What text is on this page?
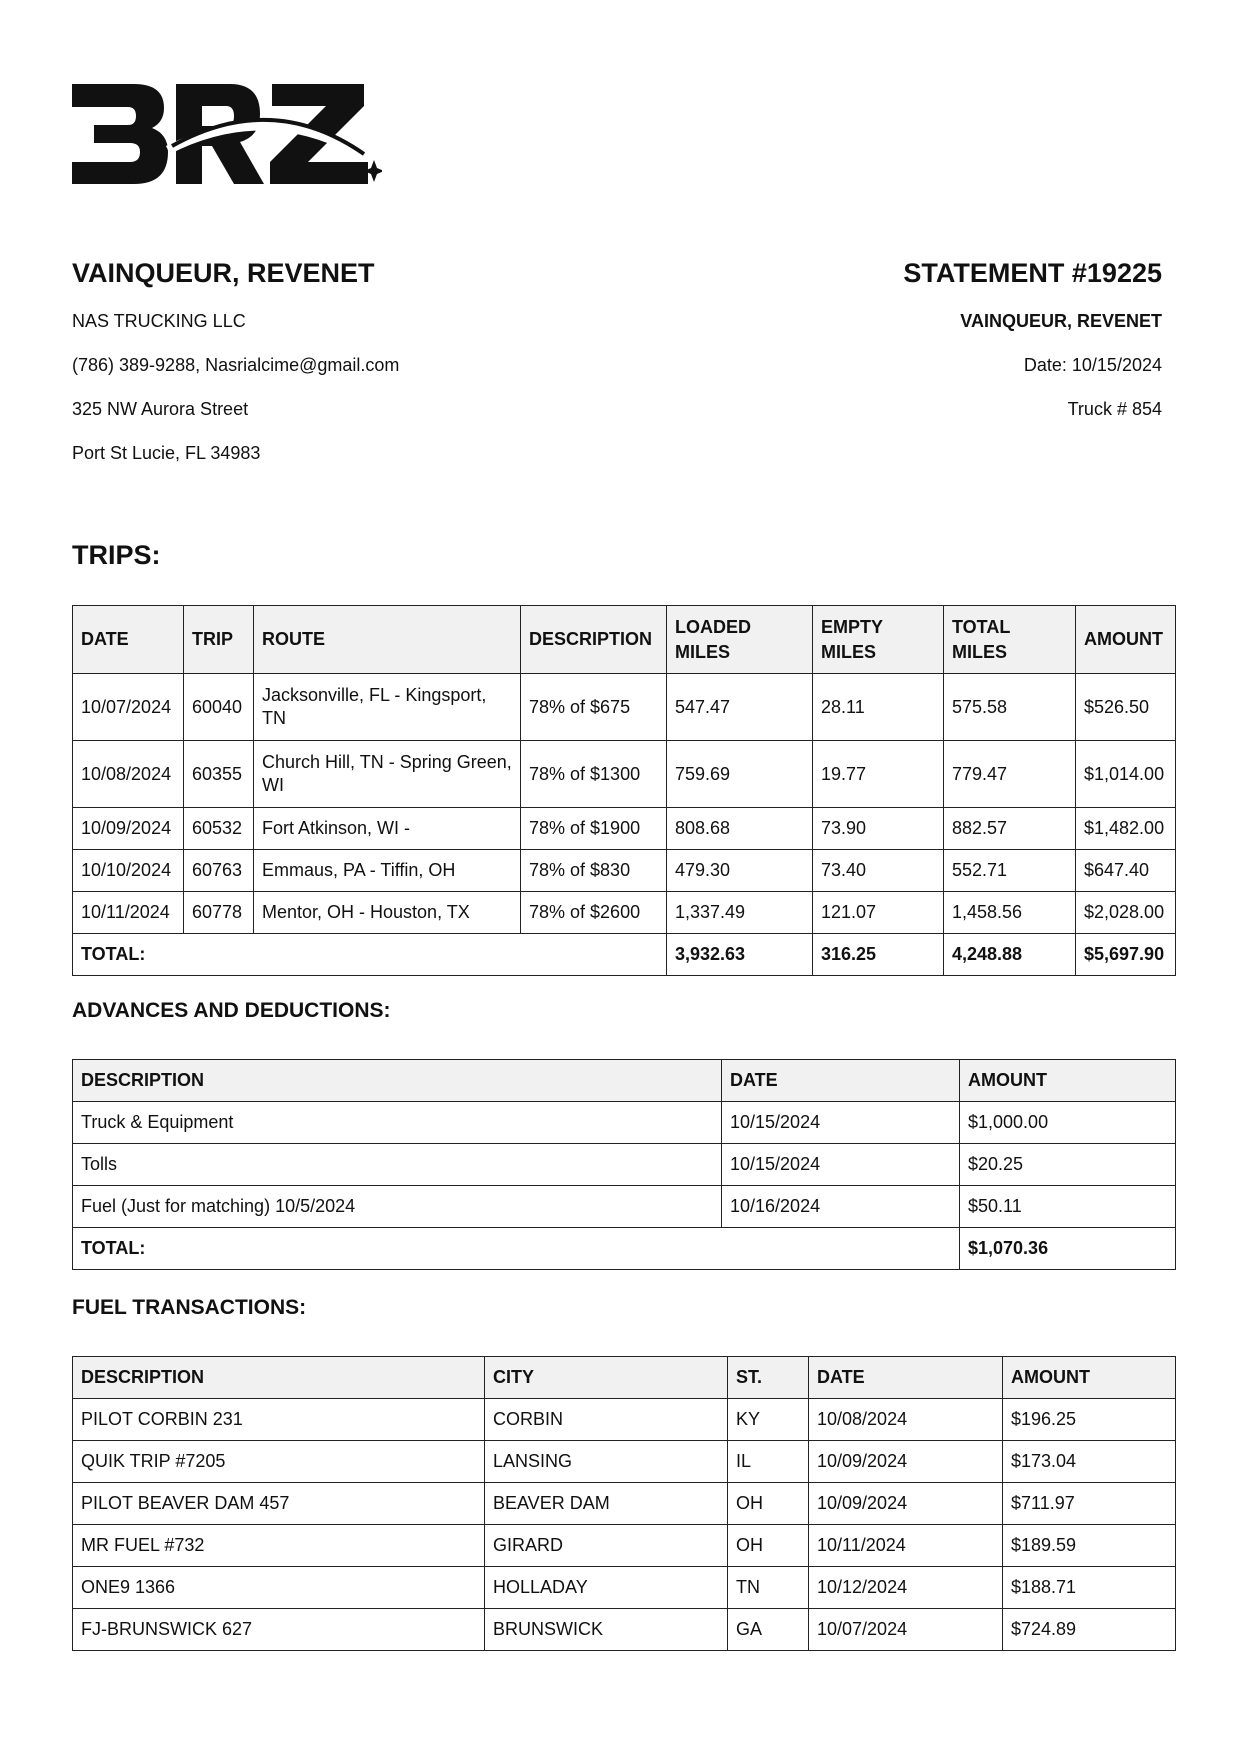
VAINQUEUR, REVENET
NAS TRUCKING LLC
(786) 389-9288, Nasrialcime@gmail.com
325 NW Aurora Street
Port St Lucie, FL 34983
STATEMENT #19225
VAINQUEUR, REVENET
Date: 10/15/2024
Truck # 854
TRIPS:
DATE	TRIP	ROUTE	DESCRIPTION	LOADED MILES	EMPTY MILES	TOTAL MILES	AMOUNT
10/07/2024	60040	Jacksonville, FL - Kingsport, TN	78% of $675	547.47	28.11	575.58	$526.50
10/08/2024	60355	Church Hill, TN - Spring Green, WI	78% of $1300	759.69	19.77	779.47	$1,014.00
10/09/2024	60532	Fort Atkinson, WI -	78% of $1900	808.68	73.90	882.57	$1,482.00
10/10/2024	60763	Emmaus, PA - Tiffin, OH	78% of $830	479.30	73.40	552.71	$647.40
10/11/2024	60778	Mentor, OH - Houston, TX	78% of $2600	1,337.49	121.07	1,458.56	$2,028.00
TOTAL:				3,932.63	316.25	4,248.88	$5,697.90
ADVANCES AND DEDUCTIONS:
DESCRIPTION	DATE	AMOUNT
Truck & Equipment	10/15/2024	$1,000.00
Tolls	10/15/2024	$20.25
Fuel (Just for matching) 10/5/2024	10/16/2024	$50.11
TOTAL:		$1,070.36
FUEL TRANSACTIONS:
DESCRIPTION	CITY	ST.	DATE	AMOUNT
PILOT CORBIN 231	CORBIN	KY	10/08/2024	$196.25
QUIK TRIP #7205	LANSING	IL	10/09/2024	$173.04
PILOT BEAVER DAM 457	BEAVER DAM	OH	10/09/2024	$711.97
MR FUEL #732	GIRARD	OH	10/11/2024	$189.59
ONE9 1366	HOLLADAY	TN	10/12/2024	$188.71
FJ-BRUNSWICK 627	BRUNSWICK	GA	10/07/2024	$724.89
